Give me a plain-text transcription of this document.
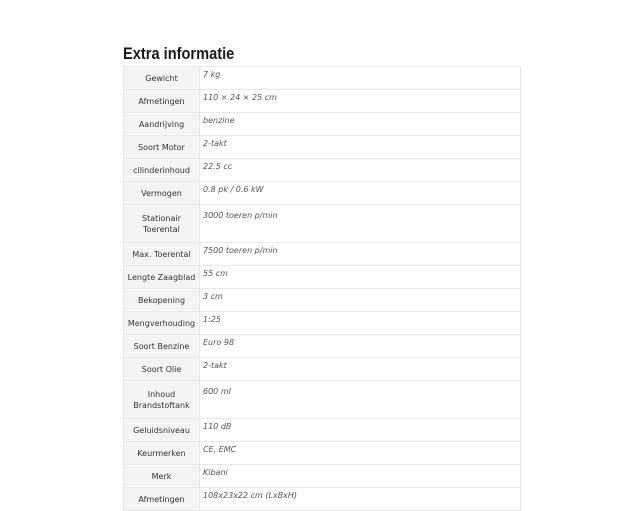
Extra informatie
Gewicht	7 kg
Afmetingen	110 × 24 × 25 cm
Aandrijving	benzine
Soort Motor	2-takt
cilinderinhoud	22.5 cc
Vermogen	0.8 pk / 0.6 kW
Stationair Toerental	3000 toeren p/min
Max. Toerental	7500 toeren p/min
Lengte Zaagblad	55 cm
Bekopening	3 cm
Mengverhouding	1:25
Soort Benzine	Euro 98
Soort Olie	2-takt
Inhoud Brandstoftank	600 ml
Geluidsniveau	110 dB
Keurmerken	CE, EMC
Merk	Kibani
Afmetingen	108x23x22 cm (LxBxH)
